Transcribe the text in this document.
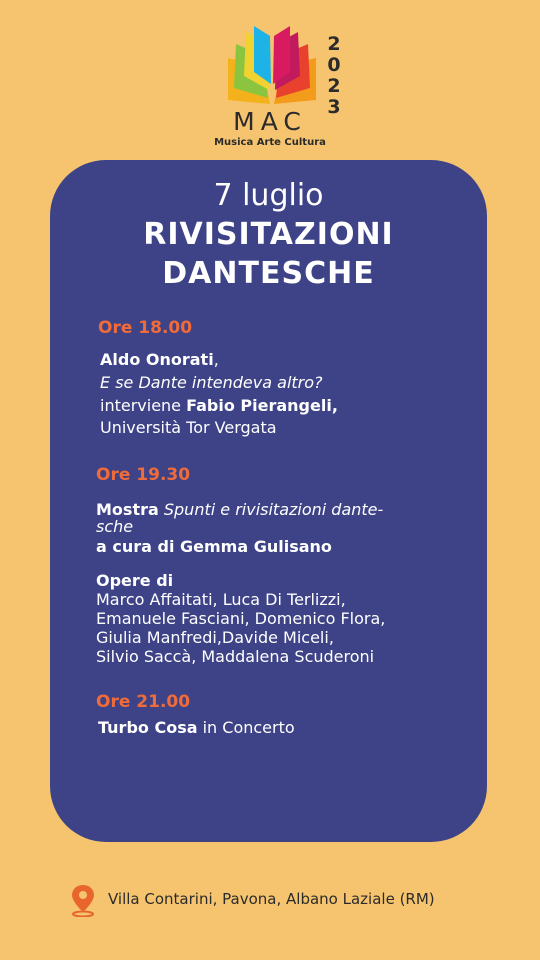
2
0
2
3
MAC
Musica Arte Cultura
7 luglio
RIVISITAZIONI
DANTESCHE
Ore 18.00
Aldo Onorati,
E se Dante intendeva altro?
interviene Fabio Pierangeli,
Università Tor Vergata
Ore 19.30
Mostra Spunti e rivisitazioni dante-
sche
a cura di Gemma Gulisano
Opere di
Marco Affaitati, Luca Di Terlizzi,
Emanuele Fasciani, Domenico Flora,
Giulia Manfredi,Davide Miceli,
Silvio Saccà, Maddalena Scuderoni
Ore 21.00
Turbo Cosa in Concerto
Villa Contarini, Pavona, Albano Laziale (RM)
